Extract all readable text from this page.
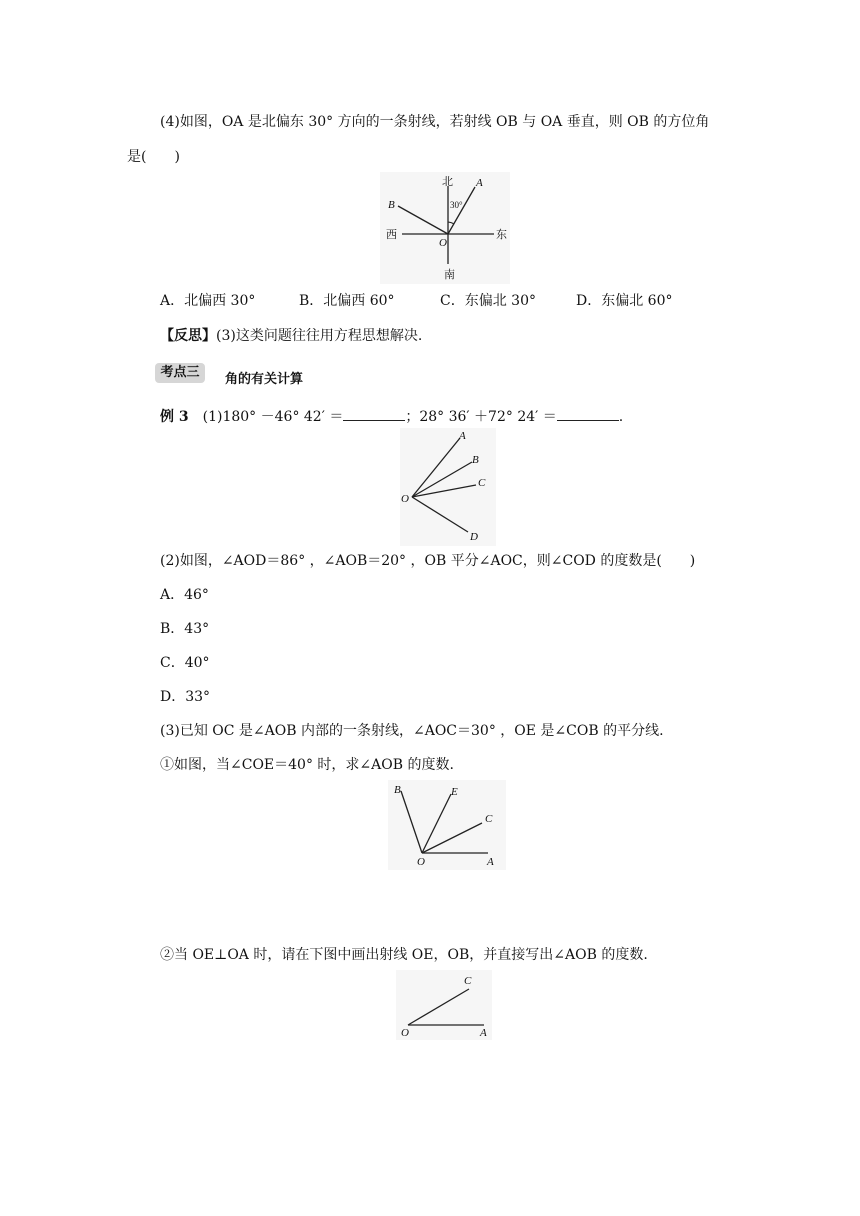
(4)如图，OA 是北偏东 30° 方向的一条射线，若射线 OB 与 OA 垂直，则 OB 的方位角
是(　　)
北
南
西	东
A
B
O
30°
A．北偏西 30°	B．北偏西 60°	C．东偏北 30°	D．东偏北 60°
【反思】(3)这类问题往往用方程思想解决.
考点三	角的有关计算
例 3　 (1)180° －46° 42′ ＝	；28° 36′ ＋72° 24′ ＝	.
A
B
C
D
O
(2)如图，∠AOD＝86° ，∠AOB＝20° ，OB 平分∠AOC，则∠COD 的度数是(　　)
A．46°
B．43°
C．40°
D．33°
(3)已知 OC 是∠AOB 内部的一条射线，∠AOC＝30° ，OE 是∠COB 的平分线.
①如图，当∠COE＝40° 时，求∠AOB 的度数.
B	E
C
O	A
②当 OE⊥OA 时，请在下图中画出射线 OE，OB，并直接写出∠AOB 的度数.
C
O	A
